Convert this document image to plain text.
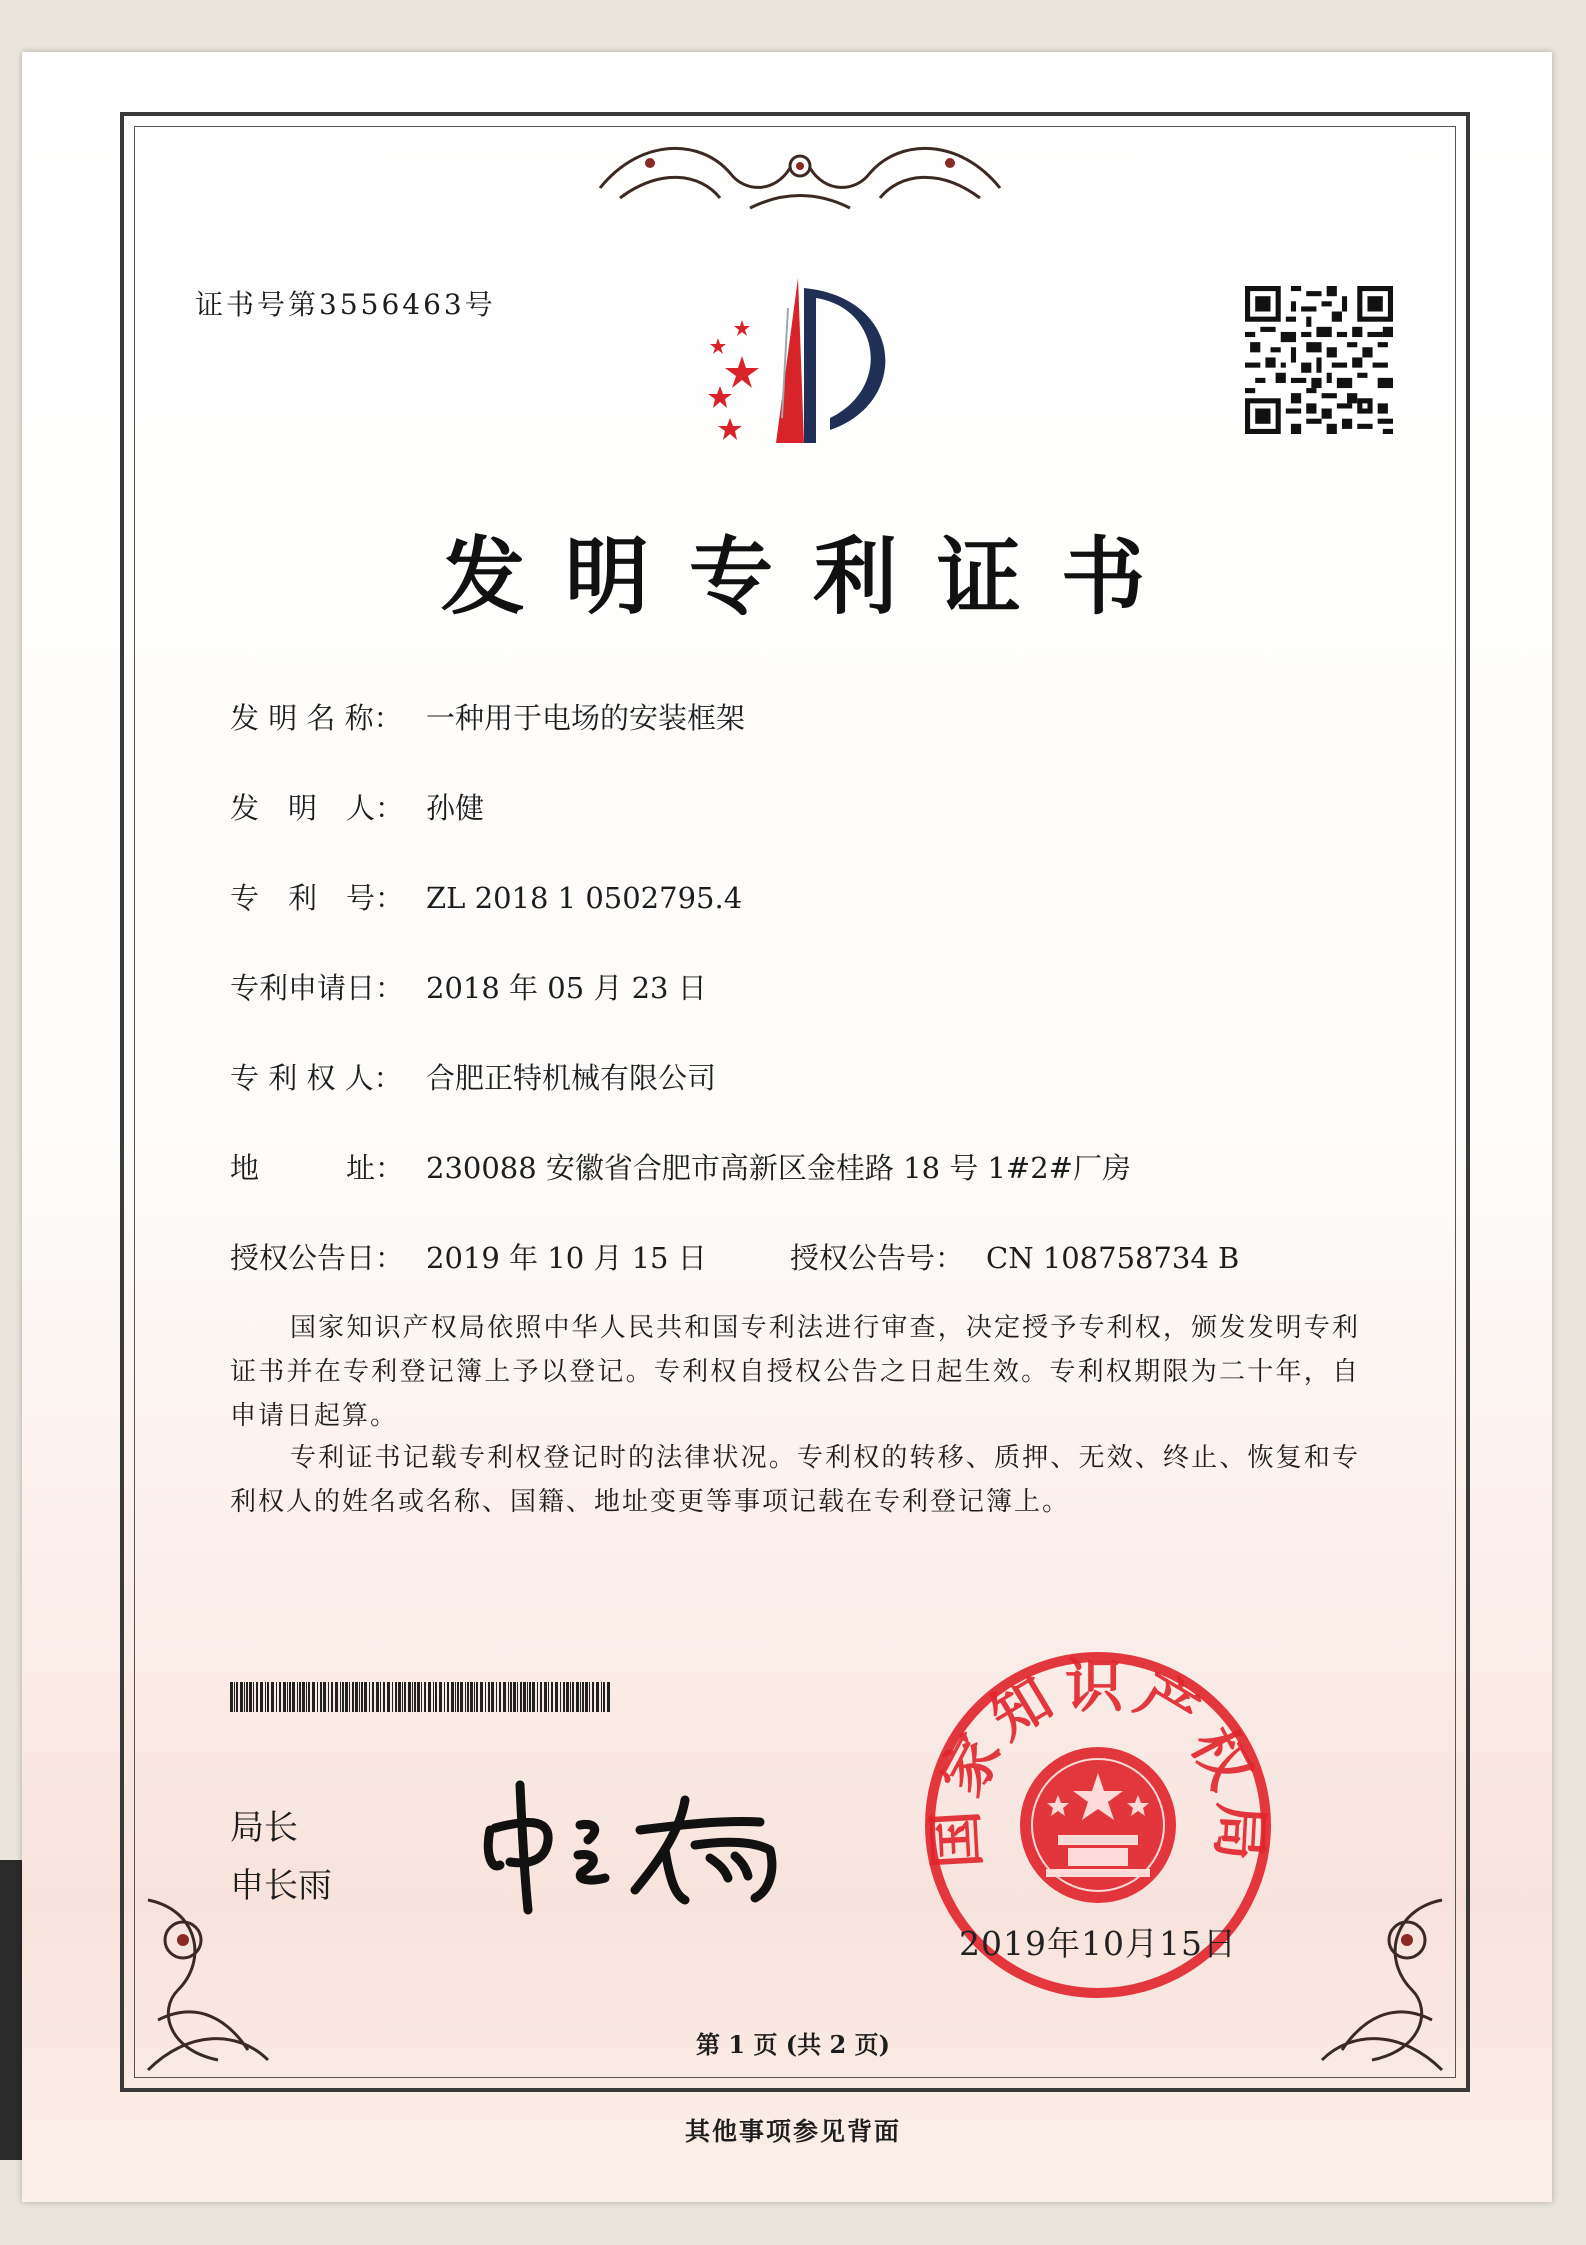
证书号第3556463号
发明专利证书
发 明 名 称： 一种用于电场的安装框架
发　明　人： 孙健
专　利　号： ZL 2018 1 0502795.4
专利申请日： 2018 年 05 月 23 日
专 利 权 人： 合肥正特机械有限公司
地　　　址： 230088 安徽省合肥市高新区金桂路 18 号 1#2#厂房
授权公告日： 2019 年 10 月 15 日	授权公告号： CN 108758734 B
国家知识产权局依照中华人民共和国专利法进行审查，决定授予专利权，颁发发明专利证书并在专利登记簿上予以登记。专利权自授权公告之日起生效。专利权期限为二十年，自申请日起算。
专利证书记载专利权登记时的法律状况。专利权的转移、质押、无效、终止、恢复和专利权人的姓名或名称、国籍、地址变更等事项记载在专利登记簿上。
局长
申长雨
国家知识产权局
2019年10月15日
第 1 页 (共 2 页)
其他事项参见背面
